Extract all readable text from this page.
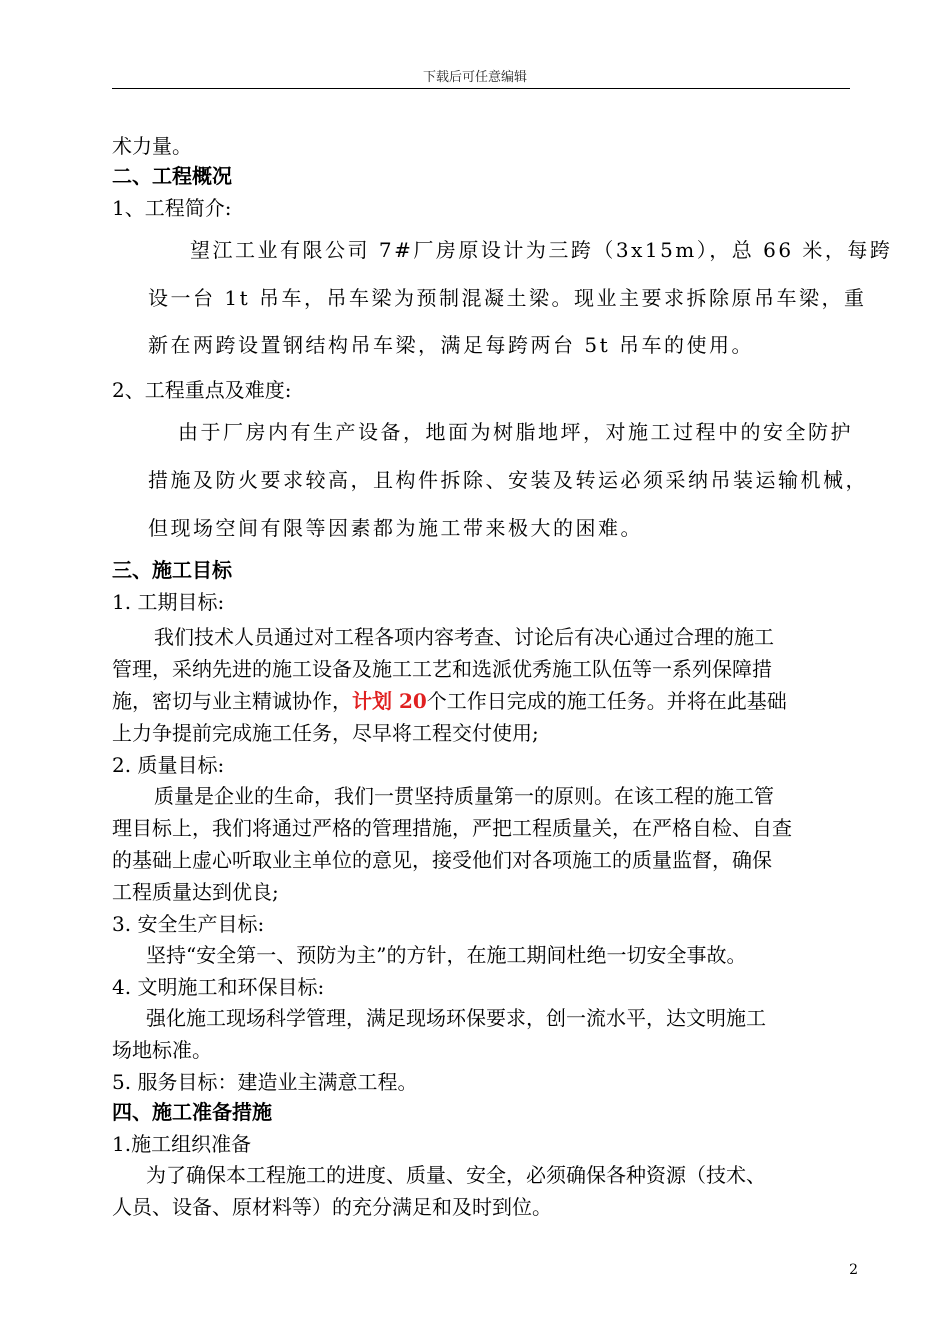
下载后可任意编辑
术力量。
二、工程概况
1、工程简介:
望江工业有限公司 7#厂房原设计为三跨（3x15m），总 66 米，每跨
设一台 1t 吊车，吊车梁为预制混凝土梁。现业主要求拆除原吊车梁，重
新在两跨设置钢结构吊车梁，满足每跨两台 5t 吊车的使用。
2、工程重点及难度:
由于厂房内有生产设备，地面为树脂地坪，对施工过程中的安全防护
措施及防火要求较高，且构件拆除、安装及转运必须采纳吊装运输机械，
但现场空间有限等因素都为施工带来极大的困难。
三、施工目标
1. 工期目标:
我们技术人员通过对工程各项内容考查、讨论后有决心通过合理的施工
管理，采纳先进的施工设备及施工工艺和选派优秀施工队伍等一系列保障措
施，密切与业主精诚协作，计划 20个工作日完成的施工任务。并将在此基础
上力争提前完成施工任务，尽早将工程交付使用;
2. 质量目标:
质量是企业的生命，我们一贯坚持质量第一的原则。在该工程的施工管
理目标上，我们将通过严格的管理措施，严把工程质量关，在严格自检、自查
的基础上虚心听取业主单位的意见，接受他们对各项施工的质量监督，确保
工程质量达到优良;
3. 安全生产目标:
坚持“安全第一、预防为主”的方针，在施工期间杜绝一切安全事故。
4. 文明施工和环保目标:
强化施工现场科学管理，满足现场环保要求，创一流水平，达文明施工
场地标准。
5. 服务目标：建造业主满意工程。
四、施工准备措施
1.施工组织准备
为了确保本工程施工的进度、质量、安全，必须确保各种资源（技术、
人员、设备、原材料等）的充分满足和及时到位。
2
